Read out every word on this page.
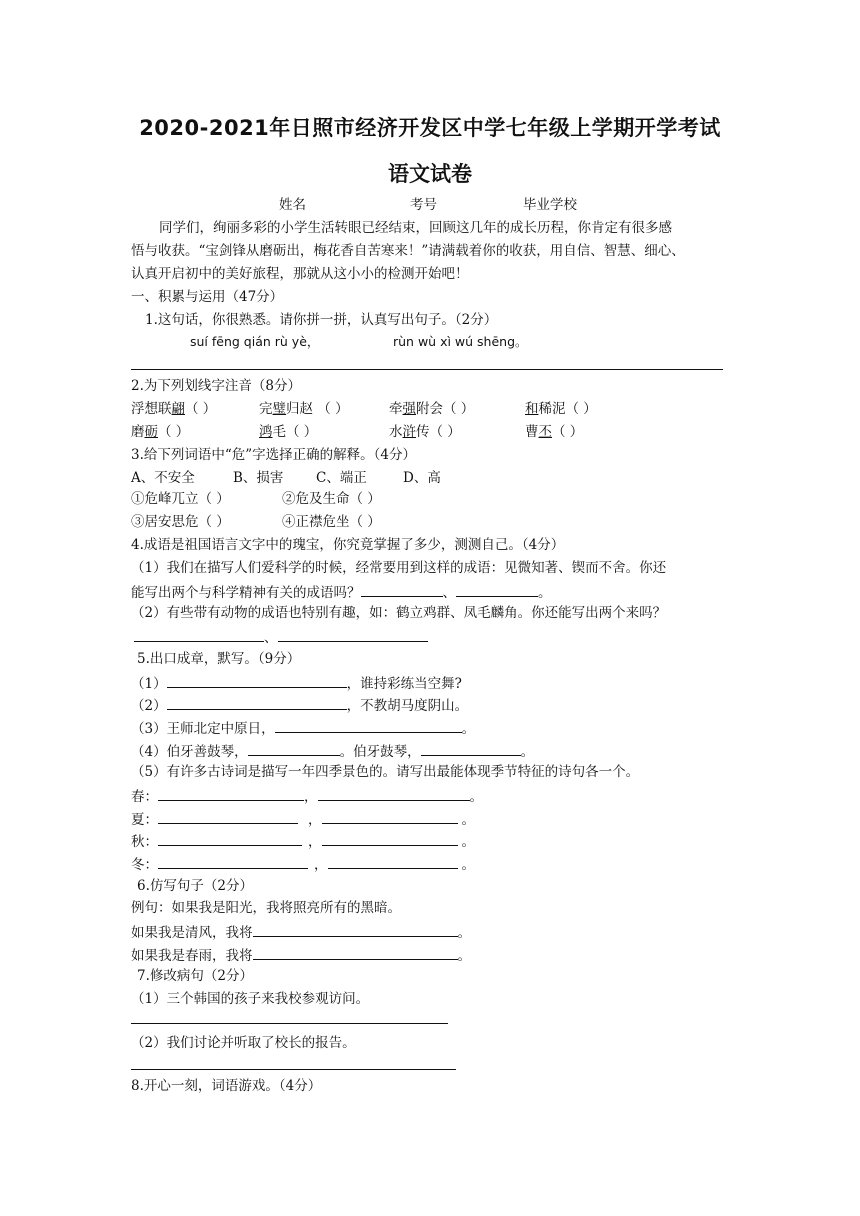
2020-2021年日照市经济开发区中学七年级上学期开学考试
语文试卷
姓名	考号	毕业学校
同学们，绚丽多彩的小学生活转眼已经结束，回顾这几年的成长历程，你肯定有很多感
悟与收获。“宝剑锋从磨砺出，梅花香自苦寒来！”请满载着你的收获，用自信、智慧、细心、
认真开启初中的美好旅程，那就从这小小的检测开始吧！
一、积累与运用（47分）
1.这句话，你很熟悉。请你拼一拼，认真写出句子。（2分）
suí fēng qián rù yè，	rùn wù xì wú shēng。
2.为下列划线字注音（8分）
浮想联翩（ ）	完璧归赵 （ ）	牵强附会（ ）	和稀泥（ ）
磨砺（ ）	鸿毛（ ）	水浒传（ ）	曹丕（ ）
3.给下列词语中“危”字选择正确的解释。（4分）
A、不安全	B、损害 C、端正	D、高
①危峰兀立（ ）	②危及生命（ ）
③居安思危（ ）	④正襟危坐（ ）
4.成语是祖国语言文字中的瑰宝，你究竟掌握了多少，测测自己。（4分）
（1）我们在描写人们爱科学的时候，经常要用到这样的成语：见微知著、锲而不舍。你还
能写出两个与科学精神有关的成语吗？	、	。
（2）有些带有动物的成语也特别有趣，如：鹤立鸡群、凤毛麟角。你还能写出两个来吗？
、
5.出口成章，默写。（9分）
（1）	，谁持彩练当空舞?
（2）	，不教胡马度阴山。
（3）王师北定中原日，	。
（4）伯牙善鼓琴，	。伯牙鼓琴，	。
（5）有许多古诗词是描写一年四季景色的。请写出最能体现季节特征的诗句各一个。
春：	，	。
夏：	，	。
秋：	，	。
冬：	，	。
6.仿写句子（2分）
例句：如果我是阳光，我将照亮所有的黑暗。
如果我是清风，我将	。
如果我是春雨，我将	。
7.修改病句（2分）
（1）三个韩国的孩子来我校参观访问。
（2）我们讨论并听取了校长的报告。
8.开心一刻，词语游戏。（4分）
